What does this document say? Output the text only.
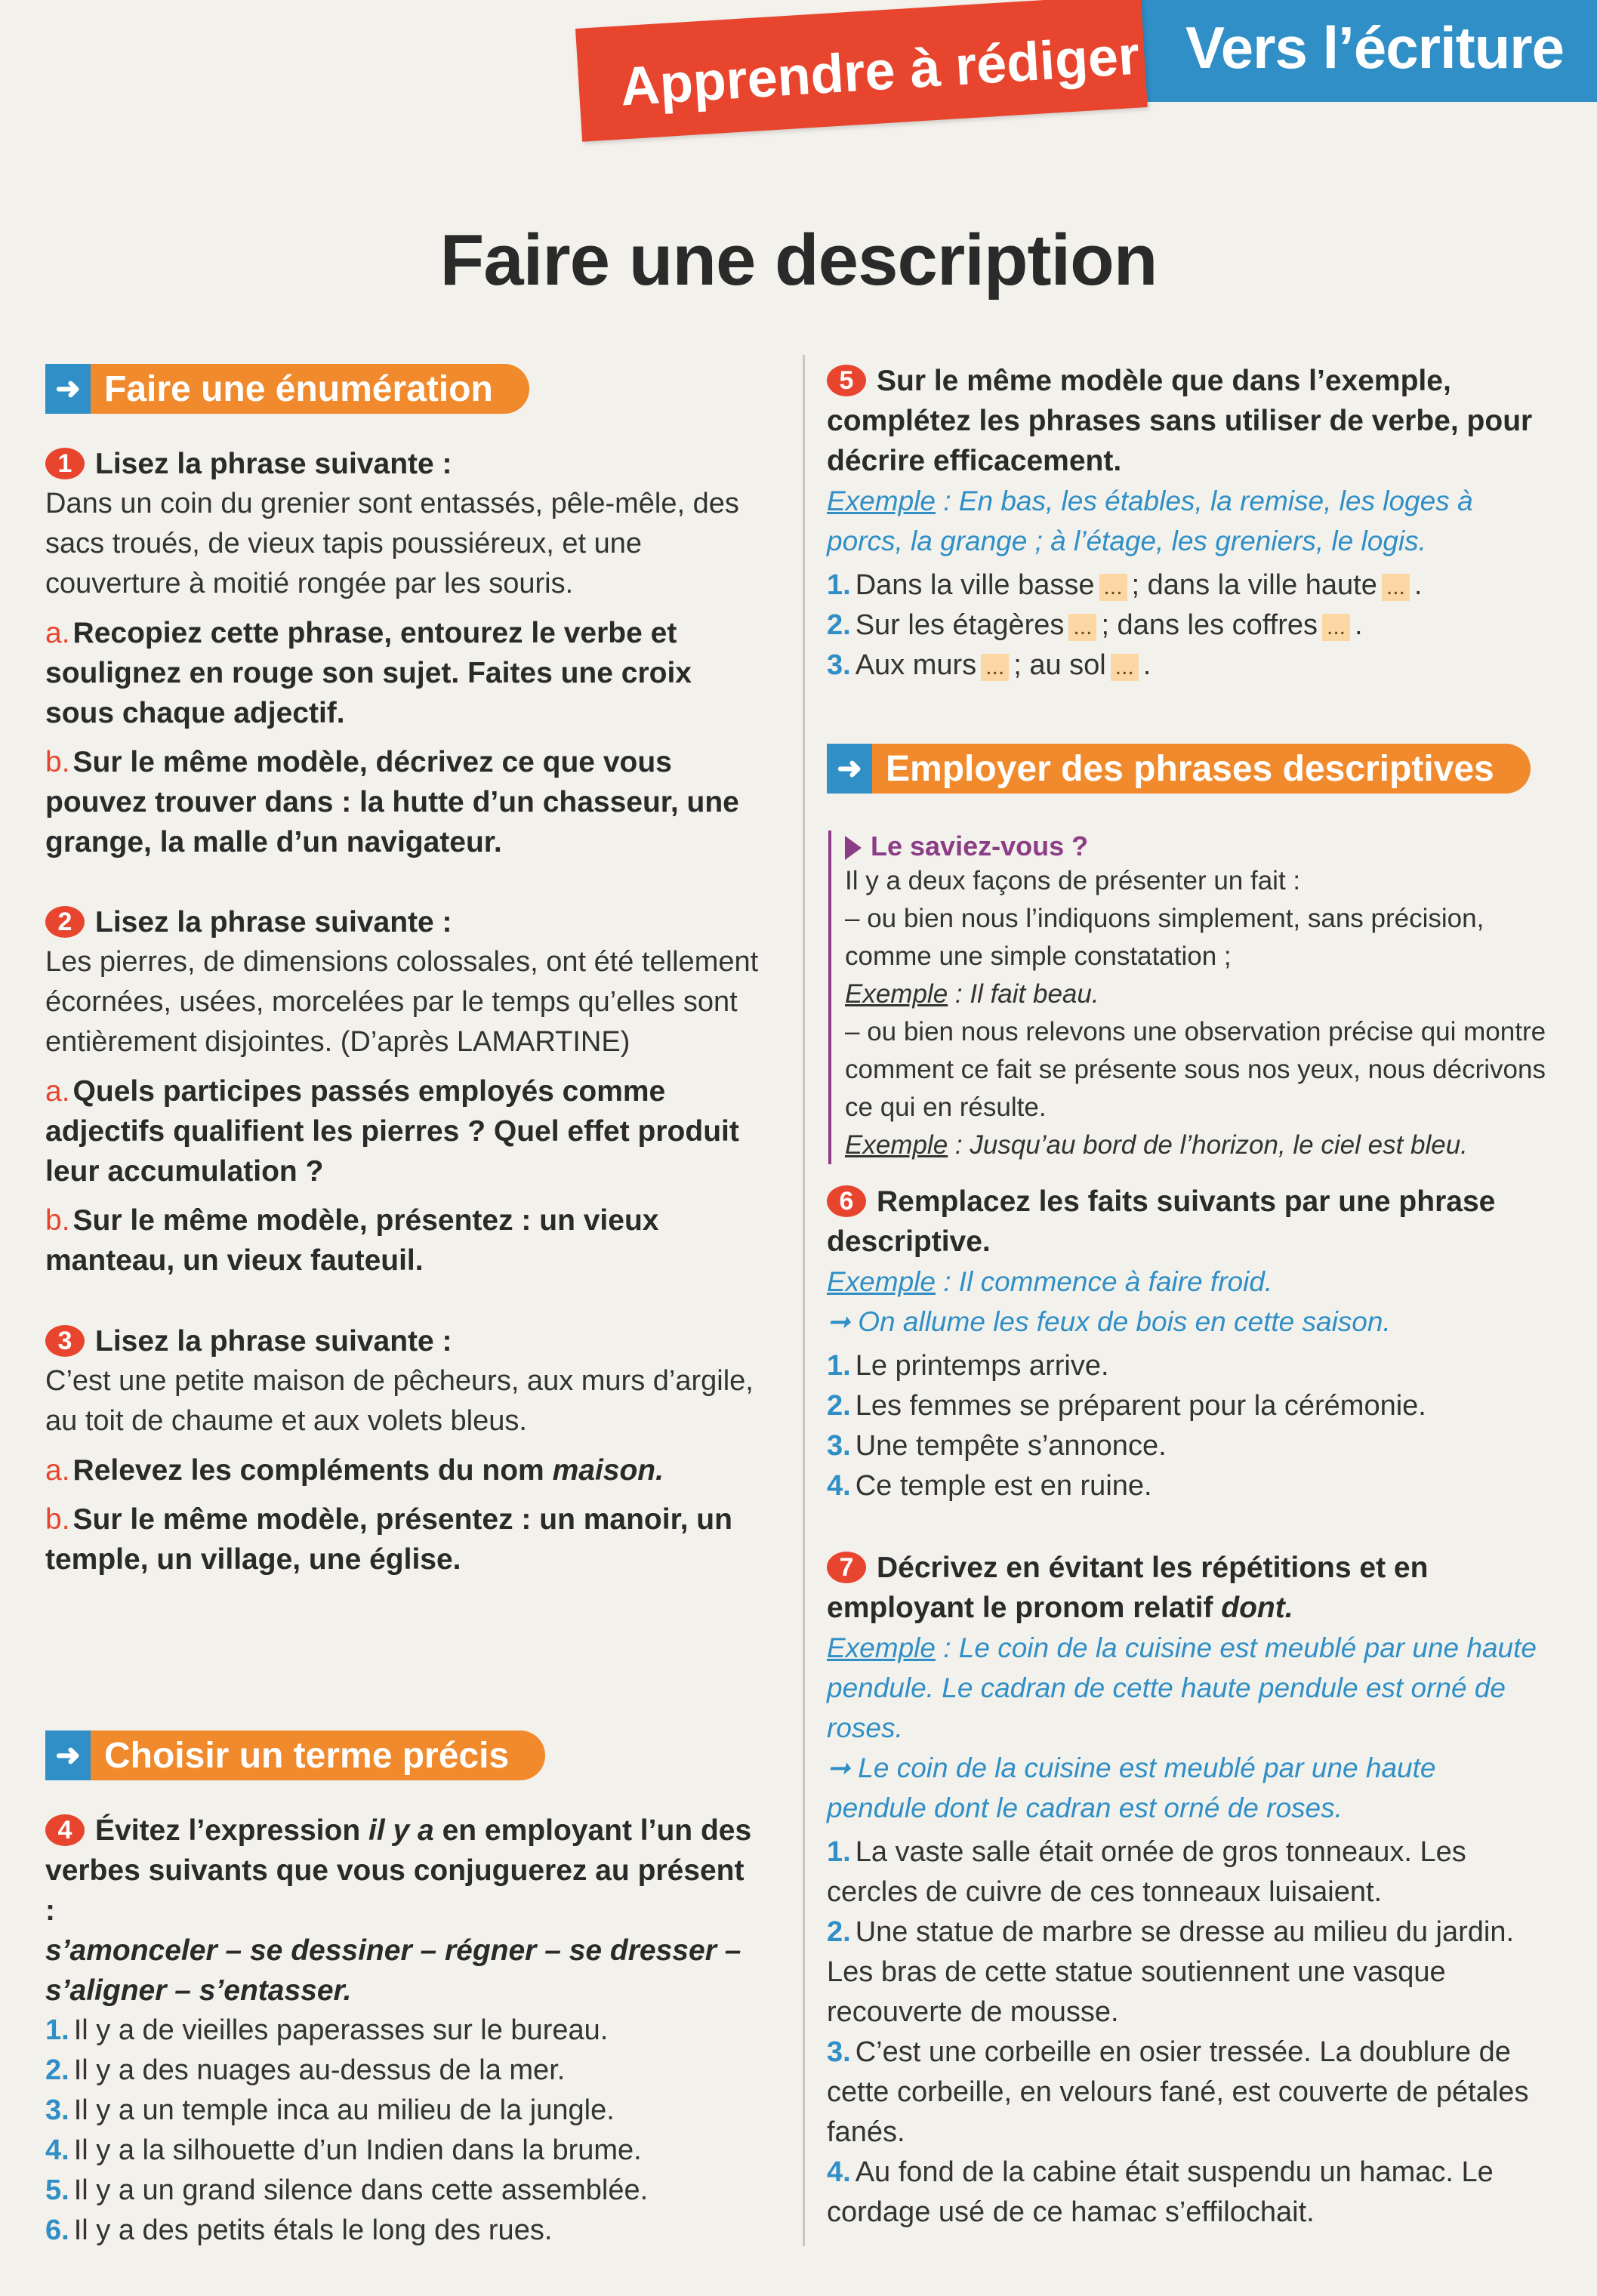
Vers l’écriture
Apprendre à rédiger
Faire une description
➜ Faire une énumération
1 Lisez la phrase suivante :
Dans un coin du grenier sont entassés, pêle-mêle, des sacs troués, de vieux tapis poussiéreux, et une couverture à moitié rongée par les souris.
a. Recopiez cette phrase, entourez le verbe et soulignez en rouge son sujet. Faites une croix sous chaque adjectif.
b. Sur le même modèle, décrivez ce que vous pouvez trouver dans : la hutte d’un chasseur, une grange, la malle d’un navigateur.
2 Lisez la phrase suivante :
Les pierres, de dimensions colossales, ont été tellement écornées, usées, morcelées par le temps qu’elles sont entièrement disjointes. (D’après LAMARTINE)
a. Quels participes passés employés comme adjectifs qualifient les pierres ? Quel effet produit leur accumulation ?
b. Sur le même modèle, présentez : un vieux manteau, un vieux fauteuil.
3 Lisez la phrase suivante :
C’est une petite maison de pêcheurs, aux murs d’argile, au toit de chaume et aux volets bleus.
a. Relevez les compléments du nom maison.
b. Sur le même modèle, présentez : un manoir, un temple, un village, une église.
➜ Choisir un terme précis
4 Évitez l’expression il y a en employant l’un des verbes suivants que vous conjuguerez au présent :
s’amonceler – se dessiner – régner – se dresser – s’aligner – s’entasser.
1. Il y a de vieilles paperasses sur le bureau.
2. Il y a des nuages au-dessus de la mer.
3. Il y a un temple inca au milieu de la jungle.
4. Il y a la silhouette d’un Indien dans la brume.
5. Il y a un grand silence dans cette assemblée.
6. Il y a des petits étals le long des rues.
5 Sur le même modèle que dans l’exemple, complétez les phrases sans utiliser de verbe, pour décrire efficacement.
Exemple : En bas, les étables, la remise, les loges à porcs, la grange ; à l’étage, les greniers, le logis.
1. Dans la ville basse ... ; dans la ville haute ... .
2. Sur les étagères ... ; dans les coffres ... .
3. Aux murs ... ; au sol ... .
➜ Employer des phrases descriptives
Le saviez-vous ?
Il y a deux façons de présenter un fait :
– ou bien nous l’indiquons simplement, sans précision, comme une simple constatation ;
Exemple : Il fait beau.
– ou bien nous relevons une observation précise qui montre comment ce fait se présente sous nos yeux, nous décrivons ce qui en résulte.
Exemple : Jusqu’au bord de l’horizon, le ciel est bleu.
6 Remplacez les faits suivants par une phrase descriptive.
Exemple : Il commence à faire froid.
➞ On allume les feux de bois en cette saison.
1. Le printemps arrive.
2. Les femmes se préparent pour la cérémonie.
3. Une tempête s’annonce.
4. Ce temple est en ruine.
7 Décrivez en évitant les répétitions et en employant le pronom relatif dont.
Exemple : Le coin de la cuisine est meublé par une haute pendule. Le cadran de cette haute pendule est orné de roses.
➞ Le coin de la cuisine est meublé par une haute pendule dont le cadran est orné de roses.
1. La vaste salle était ornée de gros tonneaux. Les cercles de cuivre de ces tonneaux luisaient.
2. Une statue de marbre se dresse au milieu du jardin. Les bras de cette statue soutiennent une vasque recouverte de mousse.
3. C’est une corbeille en osier tressée. La doublure de cette corbeille, en velours fané, est couverte de pétales fanés.
4. Au fond de la cabine était suspendu un hamac. Le cordage usé de ce hamac s’effilochait.
